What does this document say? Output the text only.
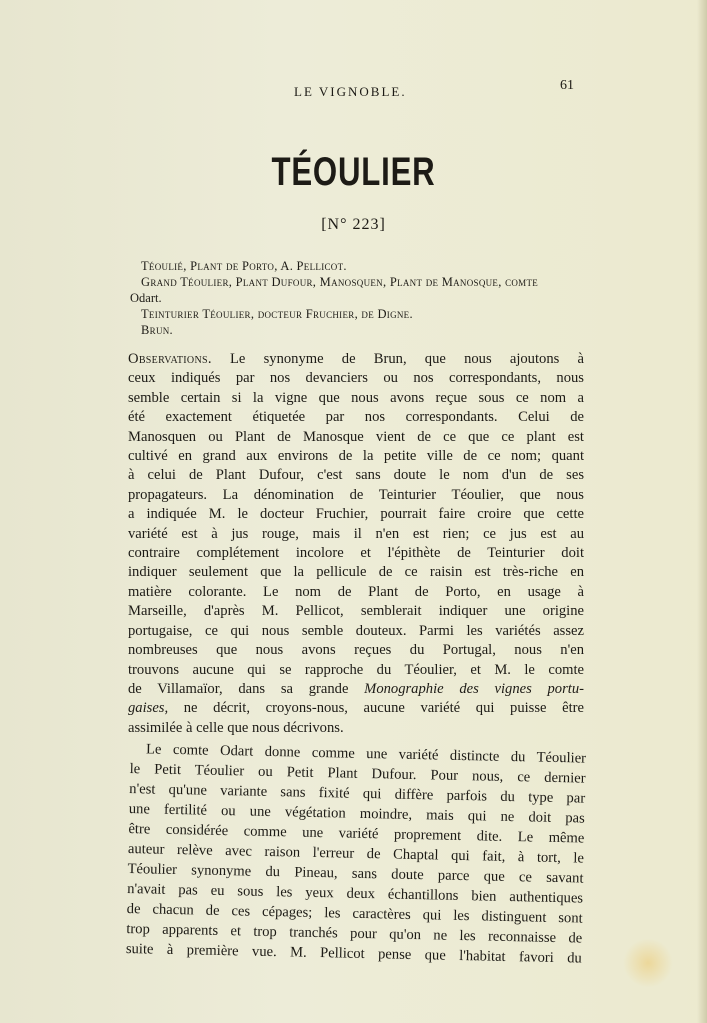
LE VIGNOBLE.	61
TÉOULIER
[N° 223]
Téoulié, Plant de Porto, A. Pellicot.
Grand Téoulier, Plant Dufour, Manosquen, Plant de Manosque, comte
Odart.
Teinturier Téoulier, docteur Fruchier, de Digne.
Brun.
Observations. Le synonyme de Brun, que nous ajoutons à
ceux indiqués par nos devanciers ou nos correspondants, nous
semble certain si la vigne que nous avons reçue sous ce nom a
été exactement étiquetée par nos correspondants. Celui de
Manosquen ou Plant de Manosque vient de ce que ce plant est
cultivé en grand aux environs de la petite ville de ce nom; quant
à celui de Plant Dufour, c'est sans doute le nom d'un de ses
propagateurs. La dénomination de Teinturier Téoulier, que nous
a indiquée M. le docteur Fruchier, pourrait faire croire que cette
variété est à jus rouge, mais il n'en est rien; ce jus est au
contraire complétement incolore et l'épithète de Teinturier doit
indiquer seulement que la pellicule de ce raisin est très-riche en
matière colorante. Le nom de Plant de Porto, en usage à
Marseille, d'après M. Pellicot, semblerait indiquer une origine
portugaise, ce qui nous semble douteux. Parmi les variétés assez
nombreuses que nous avons reçues du Portugal, nous n'en
trouvons aucune qui se rapproche du Téoulier, et M. le comte
de Villamaïor, dans sa grande Monographie des vignes portu-
gaises, ne décrit, croyons-nous, aucune variété qui puisse être
assimilée à celle que nous décrivons.
Le comte Odart donne comme une variété distincte du Téoulier
le Petit Téoulier ou Petit Plant Dufour. Pour nous, ce dernier
n'est qu'une variante sans fixité qui diffère parfois du type par
une fertilité ou une végétation moindre, mais qui ne doit pas
être considérée comme une variété proprement dite. Le même
auteur relève avec raison l'erreur de Chaptal qui fait, à tort, le
Téoulier synonyme du Pineau, sans doute parce que ce savant
n'avait pas eu sous les yeux deux échantillons bien authentiques
de chacun de ces cépages; les caractères qui les distinguent sont
trop apparents et trop tranchés pour qu'on ne les reconnaisse de
suite à première vue. M. Pellicot pense que l'habitat favori du
